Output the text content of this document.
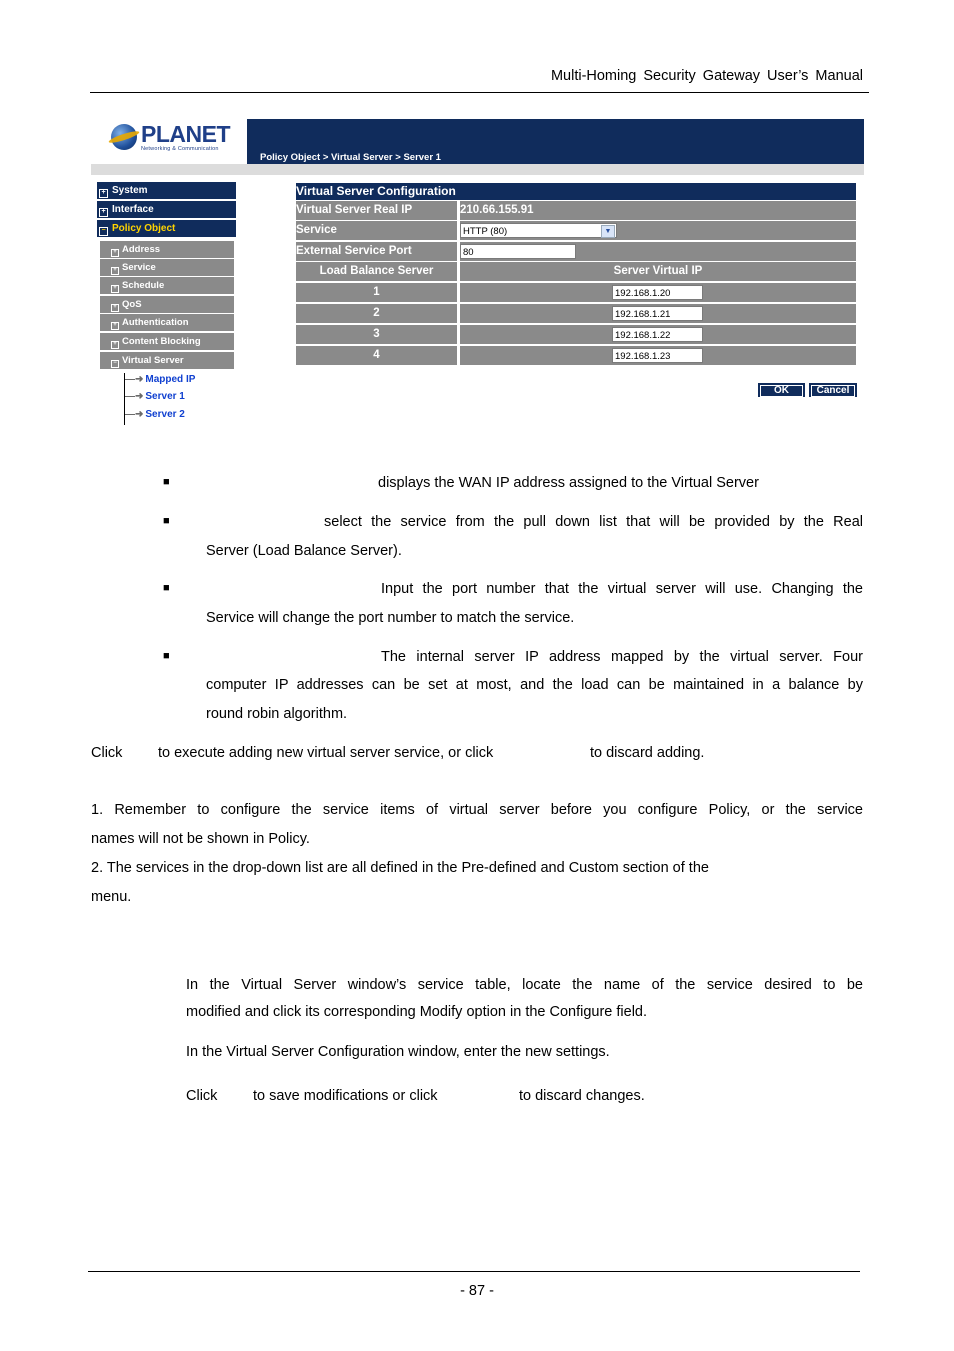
Multi-Homing Security Gateway User’s Manual
PLANET
Networking & Communication
Policy Object > Virtual Server > Server 1
+ System
+ Interface
− Policy Object
+ Address
+ Service
+ Schedule
+ QoS
+ Authentication
+ Content Blocking
− Virtual Server
—➜ Mapped IP
—➜ Server 1
—➜ Server 2
Virtual Server Configuration
Virtual Server Real IP	210.66.155.91
Service	HTTP (80)	▼
External Service Port	80
Load Balance Server	Server Virtual IP
1	192.168.1.20
2	192.168.1.21
3	192.168.1.22
4	192.168.1.23
OK	Cancel
■	displays the WAN IP address assigned to the Virtual Server
■	select the service from the pull down list that will be provided by the Real
Server (Load Balance Server).
■	Input the port number that the virtual server will use. Changing the
Service will change the port number to match the service.
■	The internal server IP address mapped by the virtual server. Four
computer IP addresses can be set at most, and the load can be maintained in a balance by
round robin algorithm.
Click to execute adding new virtual server service, or click	to discard adding.
1. Remember to configure the service items of virtual server before you configure Policy, or the service
names will not be shown in Policy.
2. The services in the drop-down list are all defined in the Pre-defined and Custom section of the
menu.
In the Virtual Server window’s service table, locate the name of the service desired to be
modified and click its corresponding Modify option in the Configure field.
In the Virtual Server Configuration window, enter the new settings.
Click to save modifications or click	to discard changes.
- 87 -
